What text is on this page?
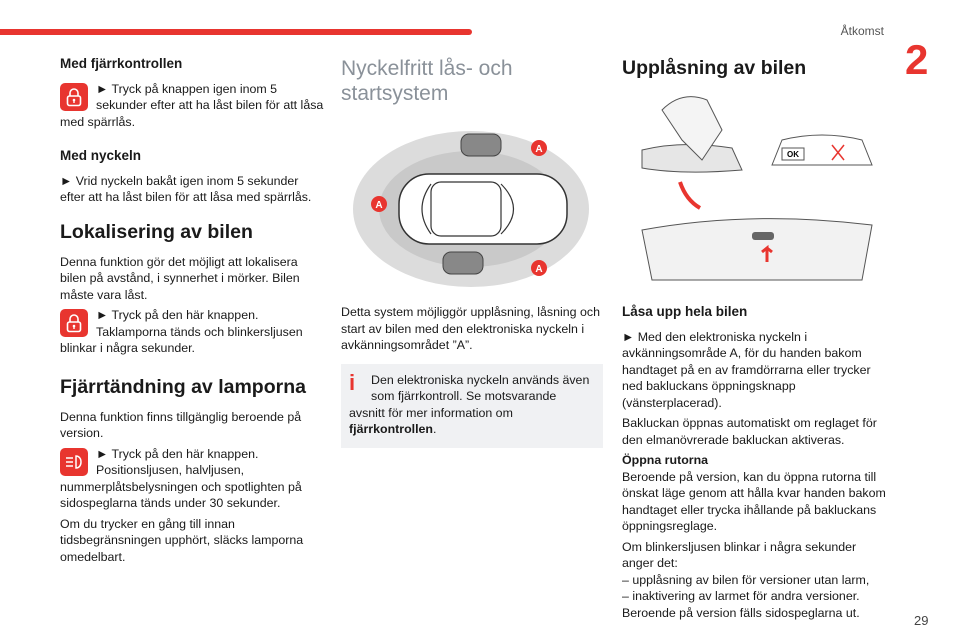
Åtkomst
2
29
Med fjärrkontrollen

► Tryck på knappen igen inom 5 sekunder efter att ha låst bilen för att låsa med spärrlås.

Med nyckeln

► Vrid nyckeln bakåt igen inom 5 sekunder efter att ha låst bilen för att låsa med spärrlås.

Lokalisering av bilen

Denna funktion gör det möjligt att lokalisera bilen på avstånd, i synnerhet i mörker. Bilen måste vara låst.

► Tryck på den här knappen. Taklamporna tänds och blinkersljusen blinkar i några sekunder.

Fjärrtändning av lamporna

Denna funktion finns tillgänglig beroende på version.

► Tryck på den här knappen. Positionsljusen, halvljusen, nummerplåtsbelysningen och spotlighten på sidospeglarna tänds under 30 sekunder.

Om du trycker en gång till innan tidsbegränsningen upphört, släcks lamporna omedelbart.

Nyckelfritt lås- och startsystem
A
A
A

Detta system möjliggör upplåsning, låsning och start av bilen med den elektroniska nyckeln i avkänningsområdet ”A”.

i	Den elektroniska nyckeln används även som fjärrkontroll. Se motsvarande avsnitt för mer information om fjärrkontrollen.
Upplåsning av bilen
OK
Låsa upp hela bilen

► Med den elektroniska nyckeln i avkänningsområde A, för du handen bakom handtaget på en av framdörrarna eller trycker ned bakluckans öppningsknapp (vänsterplacerad).

Bakluckan öppnas automatiskt om reglaget för den elmanövrerade bakluckan aktiveras.

Öppna rutorna

Beroende på version, kan du öppna rutorna till önskat läge genom att hålla kvar handen bakom handtaget eller trycka ihållande på bakluckans öppningsreglage.

Om blinkersljusen blinkar i några sekunder anger det:

– upplåsning av bilen för versioner utan larm,

– inaktivering av larmet för andra versioner.

Beroende på version fälls sidospeglarna ut.
